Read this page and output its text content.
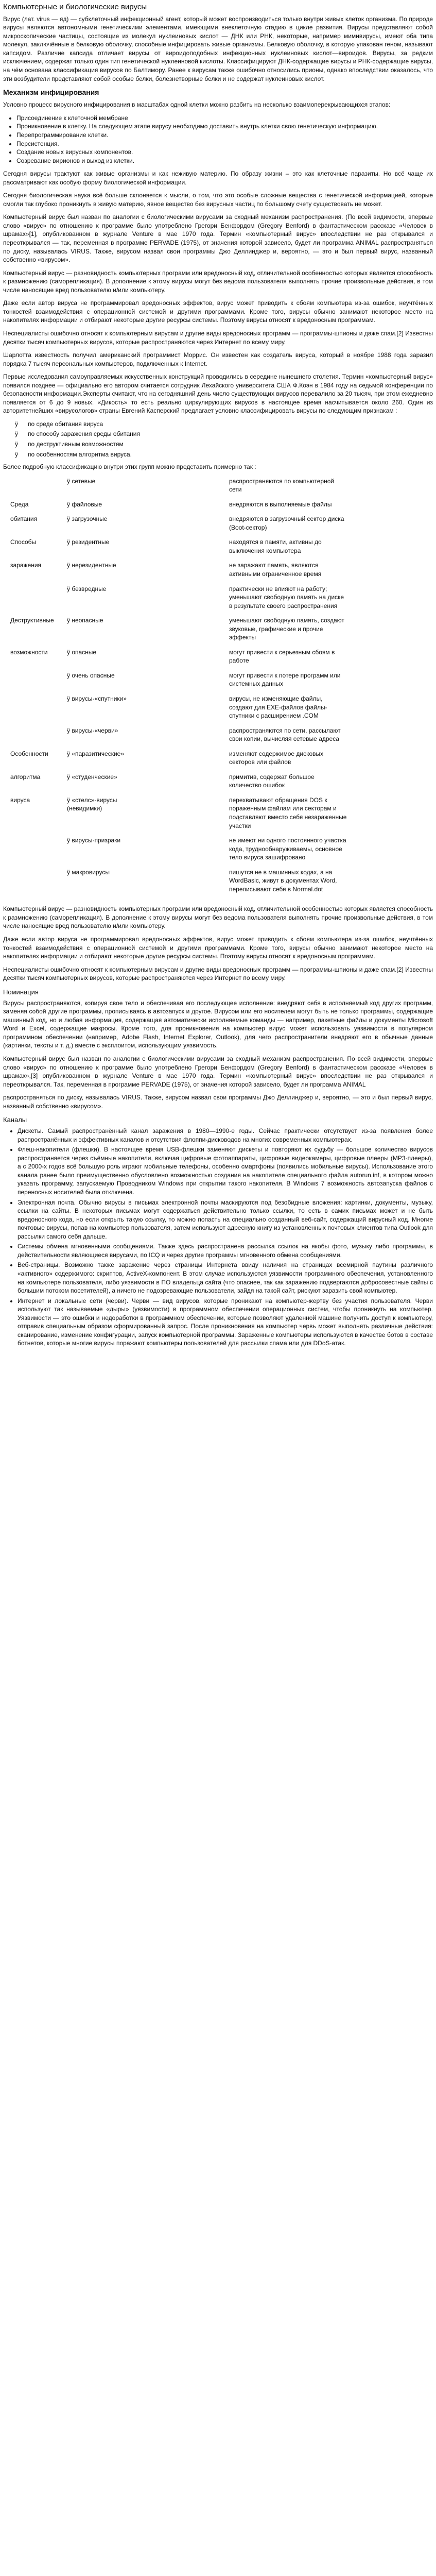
Компьютерные и биологические вирусы

Вирус (лат. virus — яд) — субклеточный инфекционный агент, который может воспроизводиться только внутри живых клеток организма. По природе вирусы являются автономными генетическими элементами, имеющими внеклеточную стадию в цикле развития. Вирусы представляют собой микроскопические частицы, состоящие из молекул нуклеиновых кислот — ДНК или РНК, некоторые, например мимивирусы, имеют оба типа молекул, заключённые в белковую оболочку, способные инфицировать живые организмы. Белковую оболочку, в которую упакован геном, называют капсидом. Различие капсида отличает вирусы от вироидоподобных инфекционных нуклеиновых кислот—вироидов. Вирусы, за редким исключением, содержат только один тип генетической нуклеиновой кислоты. Классифицируют ДНК-содержащие вирусы и РНК-содержащие вирусы, на чём основана классификация вирусов по Балтимору. Ранее к вирусам также ошибочно относились прионы, однако впоследствии оказалось, что эти возбудители представляют собой особые белки, болезнетворные белки и не содержат нуклеиновых кислот.

Механизм инфицирования

Условно процесс вирусного инфицирования в масштабах одной клетки можно разбить на несколько взаимоперекрывающихся этапов:

• Присоединение к клеточной мембране
• Проникновение в клетку. На следующем этапе вирусу необходимо доставить внутрь клетки свою генетическую информацию.
• Перепрограммирование клетки.
• Персистенция.
• Создание новых вирусных компонентов.
• Созревание вирионов и выход из клетки.

Сегодня вирусы трактуют как живые организмы и как неживую материю. По образу жизни – это как клеточные паразиты. Но всё чаще их рассматривают как особую форму биологической информации.

Сегодня биологическая наука всё больше склоняется к мысли, о том, что это особые сложные вещества с генетической информацией, которые смогли так глубоко проникнуть в живую материю, явное вещество без вирусных частиц по большому счету существовать не может.

Компьютерный вирус был назван по аналогии с биологическими вирусами за сходный механизм распространения. (По всей видимости, впервые слово «вирус» по отношению к программе было употреблено Грегори Бенфордом (Gregory Benford) в фантастическом рассказе «Человек в шрамах»[1], опубликованном в журнале Venture в мае 1970 года. Термин «компьютерный вирус» впоследствии не раз открывался и переоткрывался — так, переменная в программе PERVADE (1975), от значения которой зависело, будет ли программа ANIMAL распространяться по диску, называлась VIRUS. Также, вирусом назвал свои программы Джо Деллинджер и, вероятно, — это и был первый вирус, названный собственно «вирусом».

Компьютерный вирус — разновидность компьютерных программ или вредоносный код, отличительной особенностью которых является способность к размножению (саморепликация). В дополнение к этому вирусы могут без ведома пользователя выполнять прочие произвольные действия, в том числе наносящие вред пользователю и/или компьютеру.

Даже если автор вируса не программировал вредоносных эффектов, вирус может приводить к сбоям компьютера из-за ошибок, неучтённых тонкостей взаимодействия с операционной системой и другими программами. Кроме того, вирусы обычно занимают некоторое место на накопителях информации и отбирают некоторые другие ресурсы системы. Поэтому вирусы относят к вредоносным программам.

Неспециалисты ошибочно относят к компьютерным вирусам и другие виды вредоносных программ — программы-шпионы и даже спам.[2] Известны десятки тысяч компьютерных вирусов, которые распространяются через Интернет по всему миру.

Шарлотта известность получил американский программист Моррис. Он известен как создатель вируса, который в ноябре 1988 года заразил порядка 7 тысяч персональных компьютеров, подключенных к Internet.

Первые исследования самоуправляемых искусственных конструкций проводились в середине нынешнего столетия. Термин «компьютерный вирус» появился позднее — официально его автором считается сотрудник Лехайского университета США Ф.Коэн в 1984 году на седьмой конференции по безопасности информации.Эксперты считают, что на сегодняшний день число существующих вирусов перевалило за 20 тысяч, при этом ежедневно появляется от 6 до 9 новых. «Дикость» то есть реально циркулирующих вирусов в настоящее время насчитывается около 260. Один из авторитетнейших «вирусологов» страны Евгений Касперский предлагает условно классифицировать вирусы по следующим признакам :

ÿ	по среде обитания вируса
ÿ	по способу заражения среды обитания
ÿ	по деструктивным возможностям
ÿ	по особенностям алгоритма вируса.

Более подробную классификацию внутри этих групп можно представить примерно так :

	ÿ сетевые		распространяются по компьютерной сети
Среда	ÿ файловые		внедряются в выполняемые файлы
обитания	ÿ загрузочные		внедряются в загрузочный сектор диска (Boot-сектор)
Способы	ÿ резидентные		находятся в памяти, активны до выключения компьютера
заражения	ÿ нерезидентные		не заражают память, являются активными ограниченное время
	ÿ безвредные		практически не влияют на работу; уменьшают свободную память на диске в результате своего распространения
Деструктивные	ÿ неопасные		уменьшают свободную память, создают звуковые, графические и прочие эффекты
возможности	ÿ опасные		могут привести к серьезным сбоям в работе
	ÿ очень опасные		могут привести к потере программ или системных данных
	ÿ вирусы-«спутники»		вирусы, не изменяющие файлы, создают для EXE-файлов файлы-спутники с расширением .COM
	ÿ вирусы-«черви»		распространяются по сети, рассылают свои копии, вычисляя сетевые адреса
Особенности	ÿ «паразитические»		изменяют содержимое дисковых секторов или файлов
алгоритма	ÿ «студенческие»		примитив, содержат большое количество ошибок
вируса	ÿ «стелс»-вирусы (невидимки)		перехватывают обращения DOS к пораженным файлам или секторам и подставляют вместо себя незараженные участки
	ÿ вирусы-призраки		не имеют ни одного постоянного участка кода, труднообнаруживаемы, основное тело вируса зашифровано
	ÿ макровирусы		пишутся не в машинных кодах, а на WordBasic, живут в документах Word, переписывают себя в Normal.dot

Компьютерный вирус — разновидность компьютерных программ или вредоносный код, отличительной особенностью которых является способность к размножению (саморепликация). В дополнение к этому вирусы могут без ведома пользователя выполнять прочие произвольные действия, в том числе наносящие вред пользователю и/или компьютеру.

Даже если автор вируса не программировал вредоносных эффектов, вирус может приводить к сбоям компьютера из-за ошибок, неучтённых тонкостей взаимодействия с операционной системой и другими программами. Кроме того, вирусы обычно занимают некоторое место на накопителях информации и отбирают некоторые другие ресурсы системы. Поэтому вирусы относят к вредоносным программам.

Неспециалисты ошибочно относят к компьютерным вирусам и другие виды вредоносных программ — программы-шпионы и даже спам.[2] Известны десятки тысяч компьютерных вирусов, которые распространяются через Интернет по всему миру.

Номинация

Вирусы распространяются, копируя свое тело и обеспечивая его последующее исполнение: внедряют себя в исполняемый код других программ, заменяя собой другие программы, прописываясь в автозапуск и другое. Вирусом или его носителем могут быть не только программы, содержащие машинный код, но и любая информация, содержащая автоматически исполняемые команды — например, пакетные файлы и документы Microsoft Word и Excel, содержащие макросы. Кроме того, для проникновения на компьютер вирус может использовать уязвимости в популярном программном обеспечении (например, Adobe Flash, Internet Explorer, Outlook), для чего распространители внедряют его в обычные данные (картинки, тексты и т. д.) вместе с эксплоитом, использующим уязвимость.

Компьютерный вирус был назван по аналогии с биологическими вирусами за сходный механизм распространения. По всей видимости, впервые слово «вирус» по отношению к программе было употреблено Грегори Бенфордом (Gregory Benford) в фантастическом рассказе «Человек в шрамах»,[3] опубликованном в журнале Venture в мае 1970 года. Термин «компьютерный вирус» впоследствии не раз открывался и переоткрывался. Так, переменная в программе PERVADE (1975), от значения которой зависело, будет ли программа ANIMAL

распространяться по диску, называлась VIRUS. Также, вирусом назвал свои программы Джо Деллинджер и, вероятно, — это и был первый вирус, названный собственно «вирусом».

Каналы
• Дискеты. Самый распространённый канал заражения в 1980—1990-е годы. Сейчас практически отсутствует из-за появления более распространённых и эффективных каналов и отсутствия флоппи-дисководов на многих современных компьютерах.
• Флеш-накопители (флешки). В настоящее время USB-флешки заменяют дискеты и повторяют их судьбу — большое количество вирусов распространяется через съёмные накопители, включая цифровые фотоаппараты, цифровые видеокамеры, цифровые плееры (MP3-плееры), а с 2000-х годов всё большую роль играют мобильные телефоны, особенно смартфоны (появились мобильные вирусы). Использование этого канала ранее было преимущественно обусловлено возможностью создания на накопителе специального файла autorun.inf, в котором можно указать программу, запускаемую Проводником Windows при открытии такого накопителя. В Windows 7 возможность автозапуска файлов с переносных носителей была отключена.
• Электронная почта. Обычно вирусы в письмах электронной почты маскируются под безобидные вложения: картинки, документы, музыку, ссылки на сайты. В некоторых письмах могут содержаться действительно только ссылки, то есть в самих письмах может и не быть вредоносного кода, но если открыть такую ссылку, то можно попасть на специально созданный веб-сайт, содержащий вирусный код. Многие почтовые вирусы, попав на компьютер пользователя, затем используют адресную книгу из установленных почтовых клиентов типа Outlook для рассылки самого себя дальше.
• Системы обмена мгновенными сообщениями. Также здесь распространена рассылка ссылок на якобы фото, музыку либо программы, в действительности являющиеся вирусами, по ICQ и через другие программы мгновенного обмена сообщениями.
• Веб-страницы. Возможно также заражение через страницы Интернета ввиду наличия на страницах всемирной паутины различного «активного» содержимого: скриптов, ActiveX-компонент. В этом случае используются уязвимости программного обеспечения, установленного на компьютере пользователя, либо уязвимости в ПО владельца сайта (что опаснее, так как заражению подвергаются добросовестные сайты с большим потоком посетителей), а ничего не подозревающие пользователи, зайдя на такой сайт, рискуют заразить свой компьютер.
• Интернет и локальные сети (черви). Черви — вид вирусов, которые проникают на компьютер-жертву без участия пользователя. Черви используют так называемые «дыры» (уязвимости) в программном обеспечении операционных систем, чтобы проникнуть на компьютер. Уязвимости — это ошибки и недоработки в программном обеспечении, которые позволяют удаленной машине получить доступ к компьютеру, отправив специальным образом сформированный запрос. После проникновения на компьютер червь может выполнять различные действия: сканирование, изменение конфигурации, запуск компьютерной программы. Зараженные компьютеры используются в качестве ботов в составе ботнетов, которые многие вирусы поражают компьютеры пользователей для рассылки спама или для DDoS-атак.
